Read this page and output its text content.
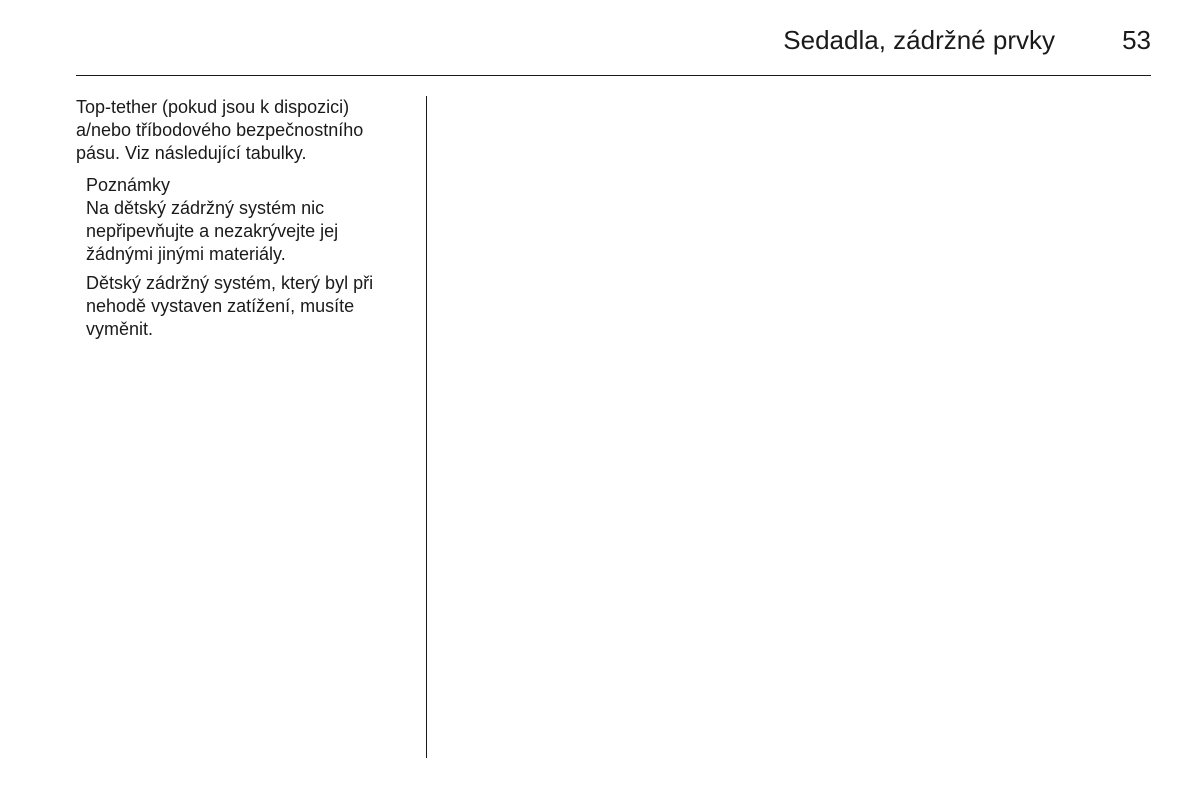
Sedadla, zádržné prvky	53

Top-tether (pokud jsou k dispozici)
a/nebo tříbodového bezpečnostního
pásu. Viz následující tabulky.

Poznámky

Na dětský zádržný systém nic
nepřipevňujte a nezakrývejte jej
žádnými jinými materiály.

Dětský zádržný systém, který byl při
nehodě vystaven zatížení, musíte
vyměnit.
